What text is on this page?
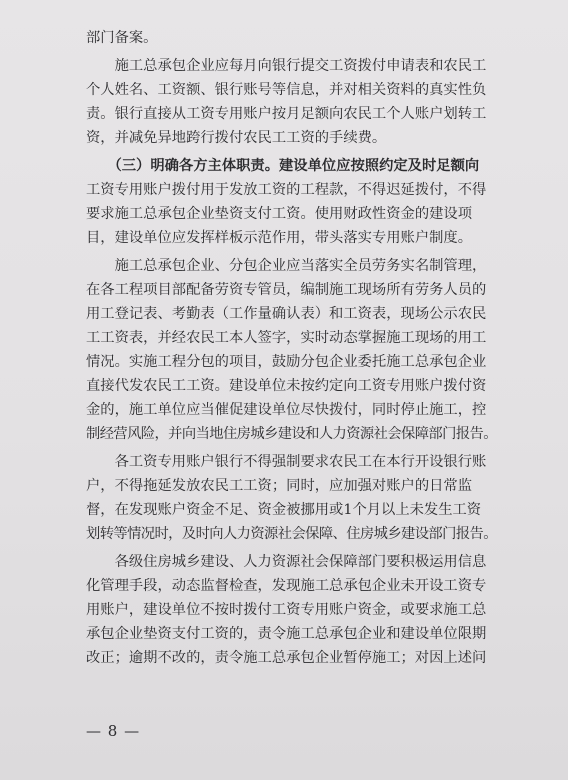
部门备案。
　　施工总承包企业应每月向银行提交工资拨付申请表和农民工
个人姓名、工资额、银行账号等信息，并对相关资料的真实性负
责。银行直接从工资专用账户按月足额向农民工个人账户划转工
资，并减免异地跨行拨付农民工工资的手续费。
　　（三）明确各方主体职责。建设单位应按照约定及时足额向
工资专用账户拨付用于发放工资的工程款，不得迟延拨付，不得
要求施工总承包企业垫资支付工资。使用财政性资金的建设项
目，建设单位应发挥样板示范作用，带头落实专用账户制度。
　　施工总承包企业、分包企业应当落实全员劳务实名制管理，
在各工程项目部配备劳资专管员，编制施工现场所有劳务人员的
用工登记表、考勤表（工作量确认表）和工资表，现场公示农民
工工资表，并经农民工本人签字，实时动态掌握施工现场的用工
情况。实施工程分包的项目，鼓励分包企业委托施工总承包企业
直接代发农民工工资。建设单位未按约定向工资专用账户拨付资
金的，施工单位应当催促建设单位尽快拨付，同时停止施工，控
制经营风险，并向当地住房城乡建设和人力资源社会保障部门报告。
　　各工资专用账户银行不得强制要求农民工在本行开设银行账
户，不得拖延发放农民工工资；同时，应加强对账户的日常监
督，在发现账户资金不足、资金被挪用或1个月以上未发生工资
划转等情况时，及时向人力资源社会保障、住房城乡建设部门报告。
　　各级住房城乡建设、人力资源社会保障部门要积极运用信息
化管理手段，动态监督检查，发现施工总承包企业未开设工资专
用账户，建设单位不按时拨付工资专用账户资金，或要求施工总
承包企业垫资支付工资的，责令施工总承包企业和建设单位限期
改正；逾期不改的，责令施工总承包企业暂停施工；对因上述问
— 8 —
